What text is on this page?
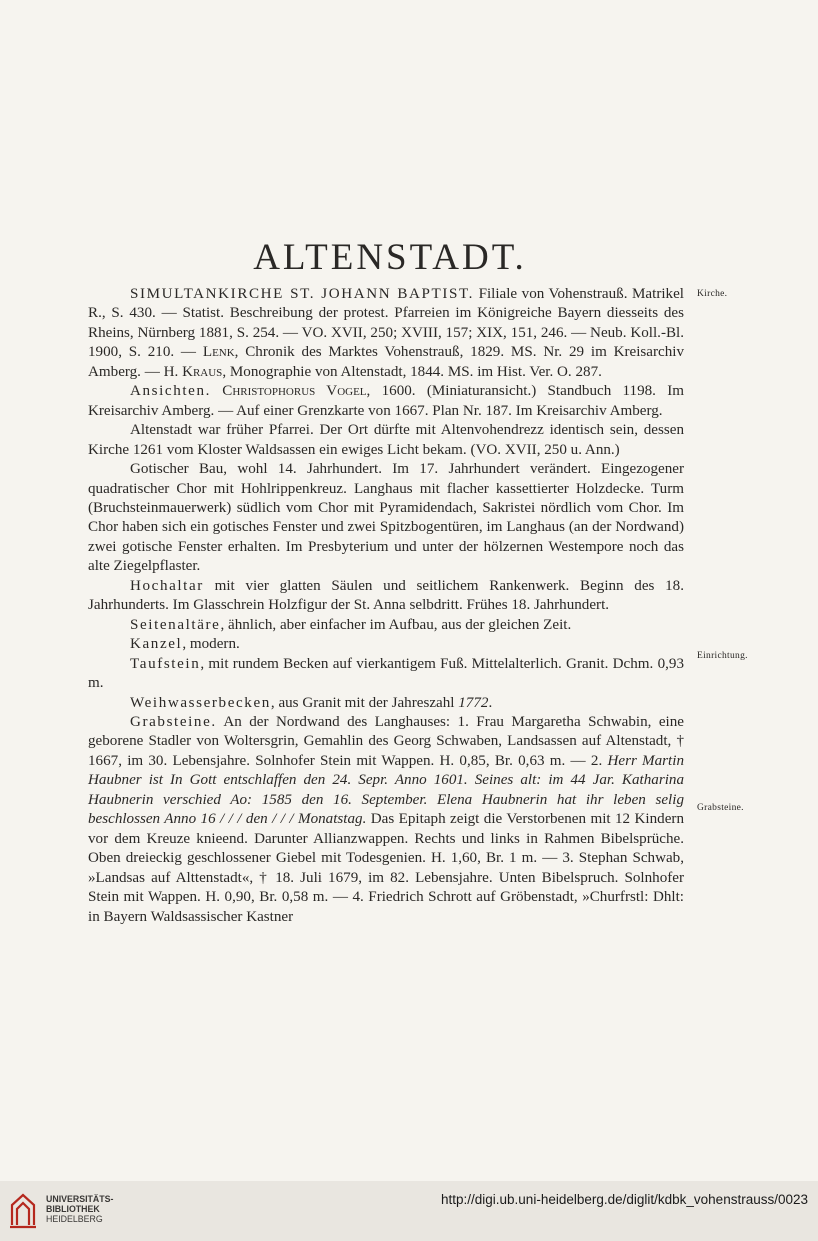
ALTENSTADT.
Kirche.
Einrichtung.
Grabsteine.

SIMULTANKIRCHE ST. JOHANN BAPTIST. Filiale von Vohenstrauß. Matrikel R., S. 430. — Statist. Beschreibung der protest. Pfarreien im Königreiche Bayern diesseits des Rheins, Nürnberg 1881, S. 254. — VO. XVII, 250; XVIII, 157; XIX, 151, 246. — Neub. Koll.-Bl. 1900, S. 210. — Lenk, Chronik des Marktes Vohenstrauß, 1829. MS. Nr. 29 im Kreisarchiv Amberg. — H. Kraus, Monographie von Altenstadt, 1844. MS. im Hist. Ver. O. 287.

Ansichten. Christophorus Vogel, 1600. (Miniaturansicht.) Standbuch 1198. Im Kreisarchiv Amberg. — Auf einer Grenzkarte von 1667. Plan Nr. 187. Im Kreisarchiv Amberg.

Altenstadt war früher Pfarrei. Der Ort dürfte mit Altenvohendrezz identisch sein, dessen Kirche 1261 vom Kloster Waldsassen ein ewiges Licht bekam. (VO. XVII, 250 u. Ann.)

Gotischer Bau, wohl 14. Jahrhundert. Im 17. Jahrhundert verändert. Eingezogener quadratischer Chor mit Hohlrippenkreuz. Langhaus mit flacher kassettierter Holzdecke. Turm (Bruchsteinmauerwerk) südlich vom Chor mit Pyramidendach, Sakristei nördlich vom Chor. Im Chor haben sich ein gotisches Fenster und zwei Spitzbogentüren, im Langhaus (an der Nordwand) zwei gotische Fenster erhalten. Im Presbyterium und unter der hölzernen Westempore noch das alte Ziegelpflaster.

Hochaltar mit vier glatten Säulen und seitlichem Rankenwerk. Beginn des 18. Jahrhunderts. Im Glasschrein Holzfigur der St. Anna selbdritt. Frühes 18. Jahrhundert.

Seitenaltäre, ähnlich, aber einfacher im Aufbau, aus der gleichen Zeit.

Kanzel, modern.

Taufstein, mit rundem Becken auf vierkantigem Fuß. Mittelalterlich. Granit. Dchm. 0,93 m.

Weihwasserbecken, aus Granit mit der Jahreszahl 1772.

Grabsteine. An der Nordwand des Langhauses: 1. Frau Margaretha Schwabin, eine geborene Stadler von Woltersgrin, Gemahlin des Georg Schwaben, Landsassen auf Altenstadt, † 1667, im 30. Lebensjahre. Solnhofer Stein mit Wappen. H. 0,85, Br. 0,63 m. — 2. Herr Martin Haubner ist In Gott entschlaffen den 24. Sepr. Anno 1601. Seines alt: im 44 Jar. Katharina Haubnerin verschied Ao: 1585 den 16. September. Elena Haubnerin hat ihr leben selig beschlossen Anno 16 / / / den / / / Monatstag. Das Epitaph zeigt die Verstorbenen mit 12 Kindern vor dem Kreuze knieend. Darunter Allianzwappen. Rechts und links in Rahmen Bibelsprüche. Oben dreieckig geschlossener Giebel mit Todesgenien. H. 1,60, Br. 1 m. — 3. Stephan Schwab, »Landsas auf Alttenstadt«, † 18. Juli 1679, im 82. Lebensjahre. Unten Bibelspruch. Solnhofer Stein mit Wappen. H. 0,90, Br. 0,58 m. — 4. Friedrich Schrott auf Gröbenstadt, »Churfrstl: Dhlt: in Bayern Waldsassischer Kastner

UNIVERSITÄTS-
BIBLIOTHEK
HEIDELBERG
http://digi.ub.uni-heidelberg.de/diglit/kdbk_vohenstrauss/0023
